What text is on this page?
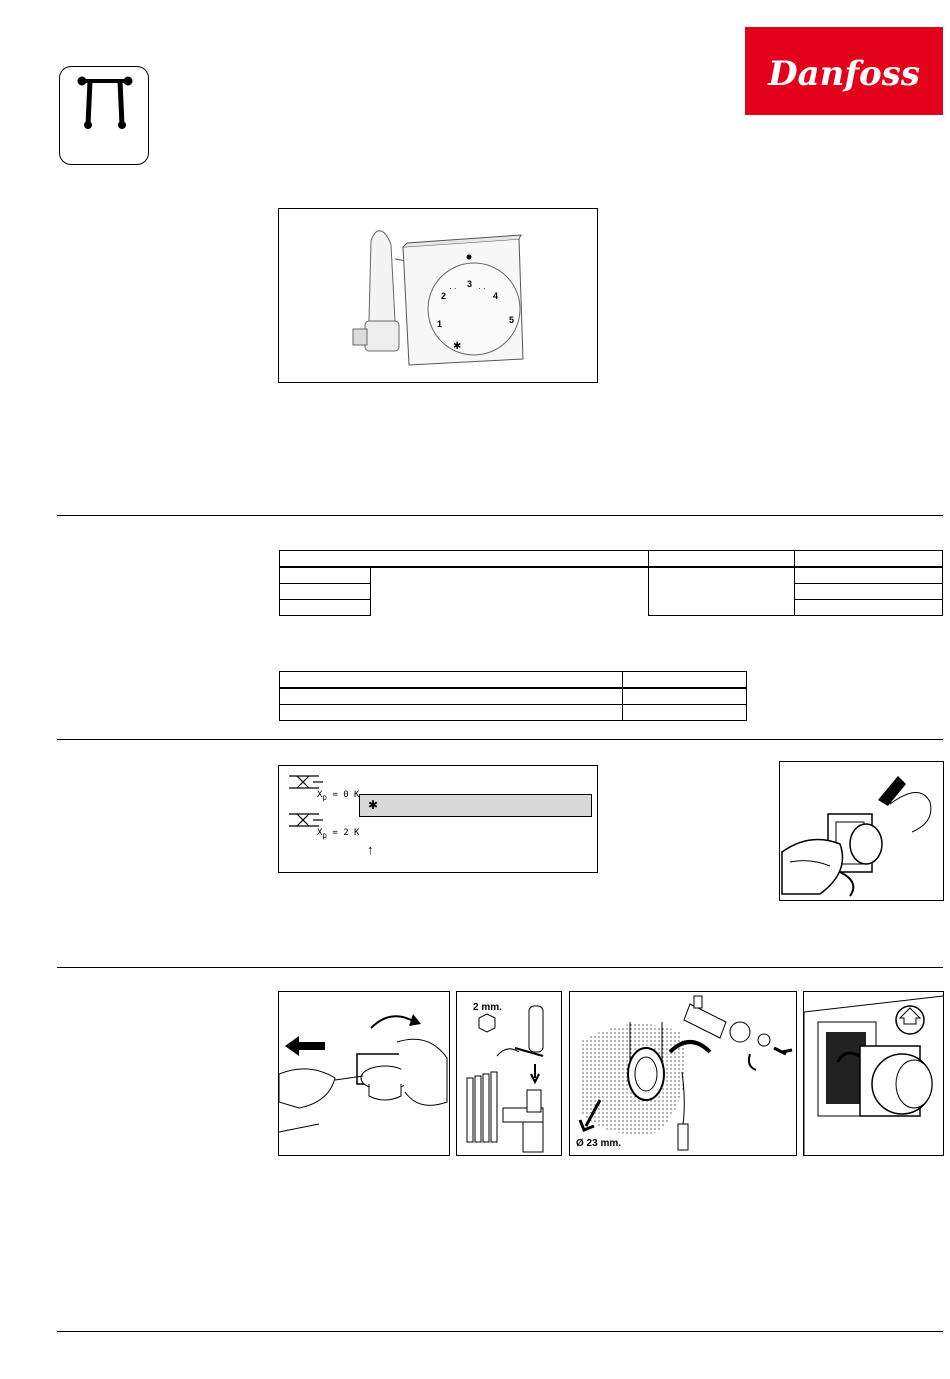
Danfoss
2
3
4
1	5
✱
· ·	· ·

$X_p = 0$ K
$X_p = 2$ K
✱
↑
2 mm.
Ø 23 mm.
